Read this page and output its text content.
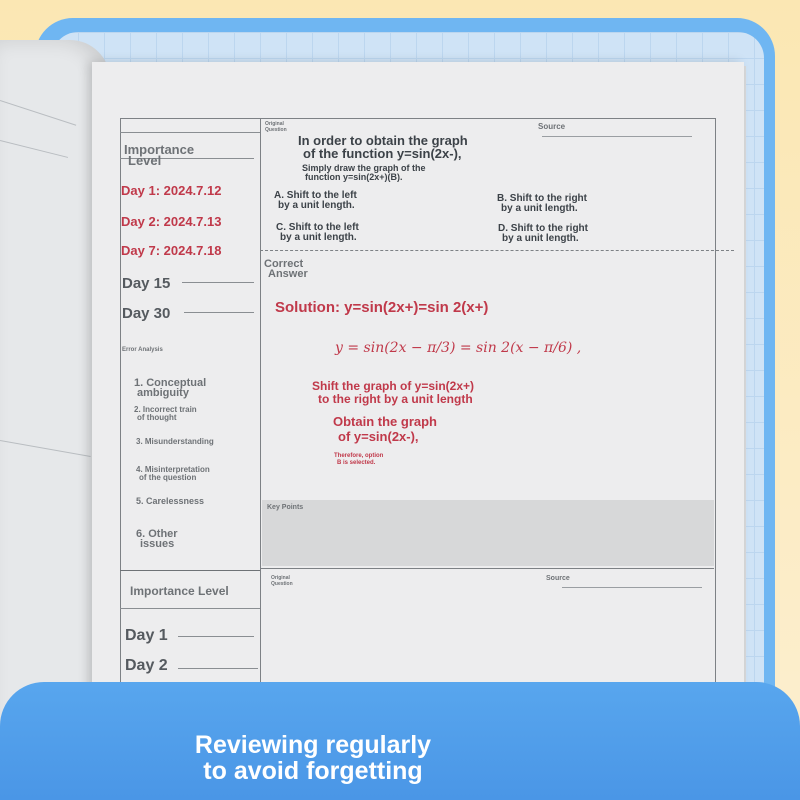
Importance
Level
Day 1: 2024.7.12
Day 2: 2024.7.13
Day 7: 2024.7.18
Day 15
Day 30
Error Analysis
1. Conceptual
ambiguity
2. Incorrect train
of thought
3. Misunderstanding
4. Misinterpretation
of the question
5. Carelessness
6. Other
issues
Importance Level
Day 1
Day 2
Original
Question	Source
In order to obtain the graph
of the function y=sin(2x-),
Simply draw the graph of the
function y=sin(2x+)(B).
A. Shift to the left
by a unit length.
B. Shift to the right
by a unit length.
C. Shift to the left
by a unit length.
D. Shift to the right
by a unit length.
Correct
Answer
Solution: y=sin(2x+)=sin 2(x+)
y = sin(2x − π/3) = sin 2(x − π/6) ,
Shift the graph of y=sin(2x+)
to the right by a unit length
Obtain the graph
of y=sin(2x-),
Therefore, option
B is selected.
Key Points
Original
Question
Source
Reviewing regularly
to avoid forgetting
